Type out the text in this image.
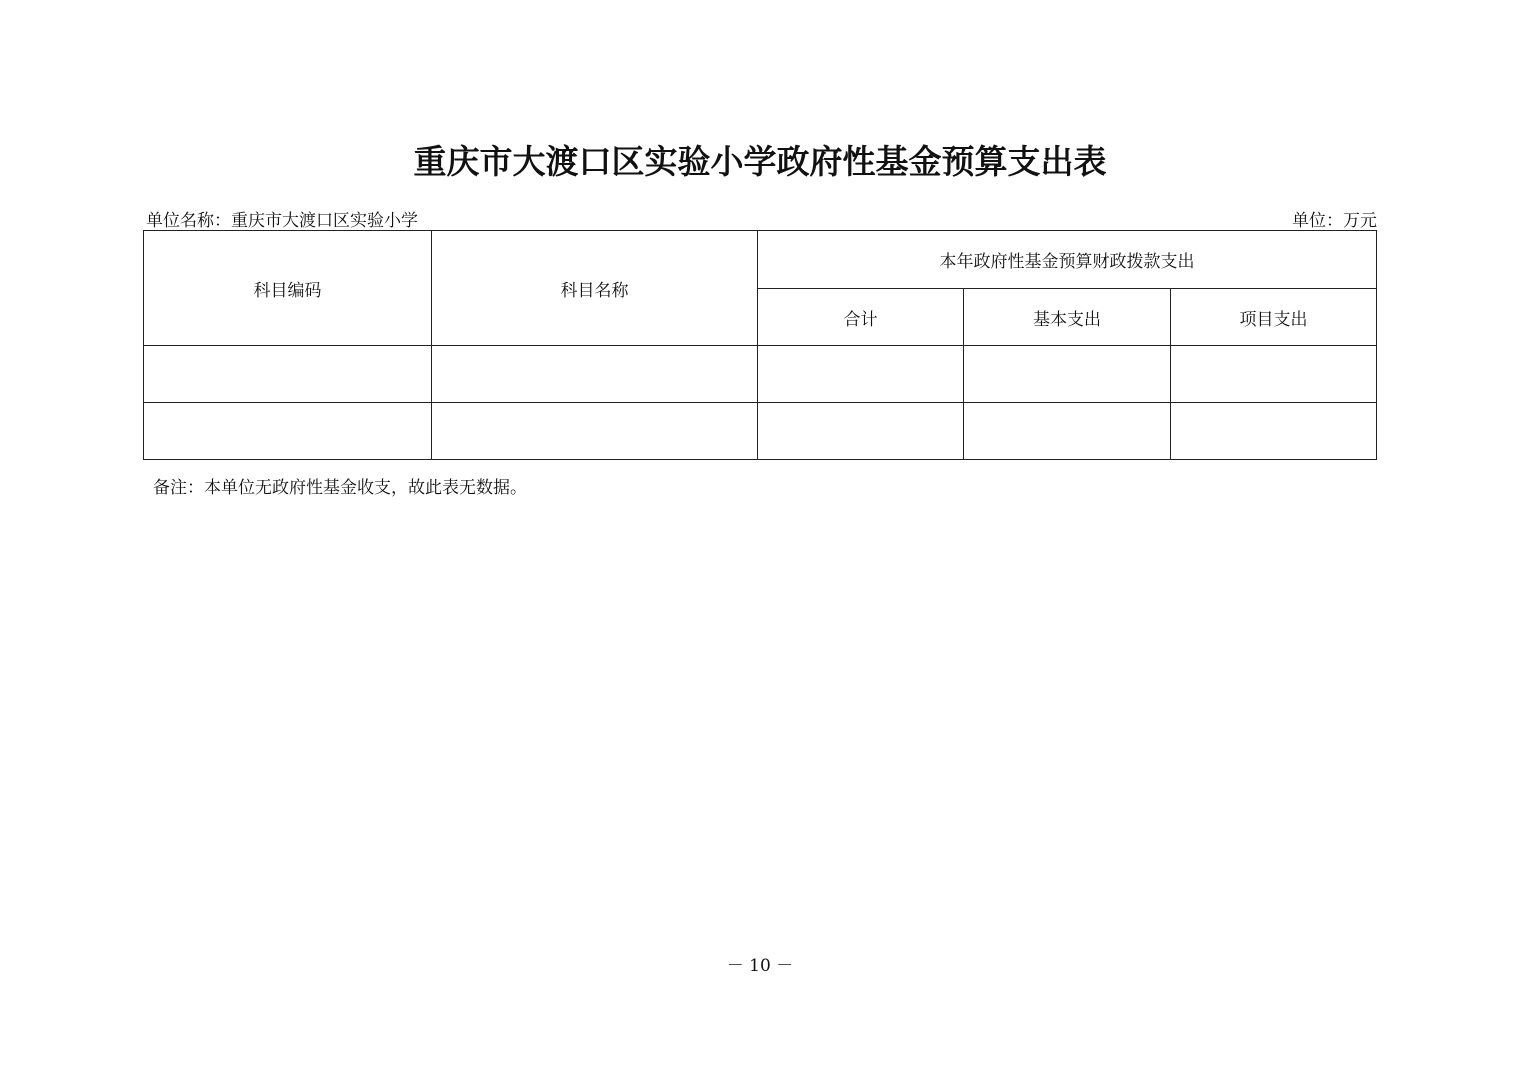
重庆市大渡口区实验小学政府性基金预算支出表
单位名称：重庆市大渡口区实验小学	单位：万元
科目编码	科目名称	本年政府性基金预算财政拨款支出		
		合计	基本支出	项目支出

备注：本单位无政府性基金收支，故此表无数据。
－ 10 －
